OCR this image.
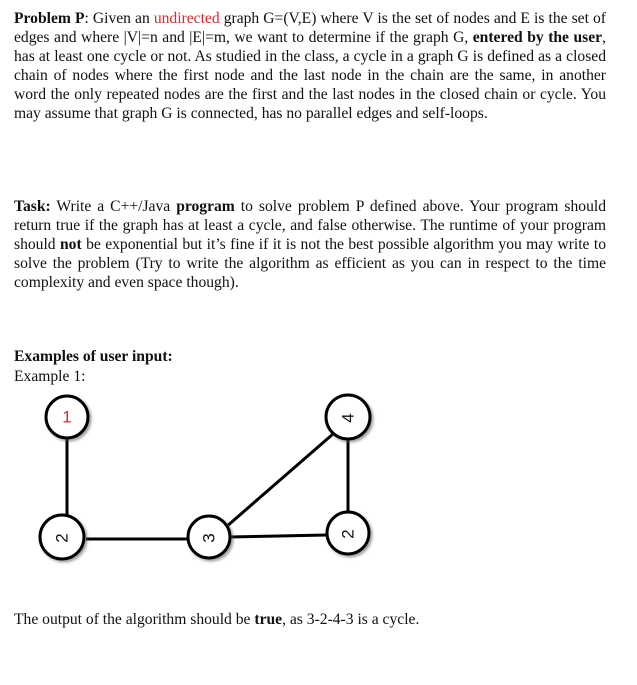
Problem P: Given an undirected graph G=(V,E) where V is the set of nodes and E is the set of edges and where |V|=n and |E|=m, we want to determine if the graph G, entered by the user, has at least one cycle or not. As studied in the class, a cycle in a graph G is defined as a closed chain of nodes where the first node and the last node in the chain are the same, in another word the only repeated nodes are the first and the last nodes in the closed chain or cycle. You may assume that graph G is connected, has no parallel edges and self-loops.

Task: Write a C++/Java program to solve problem P defined above. Your program should return true if the graph has at least a cycle, and false otherwise. The runtime of your program should not be exponential but it’s fine if it is not the best possible algorithm you may write to solve the problem (Try to write the algorithm as efficient as you can in respect to the time complexity and even space though).

Examples of user input:
Example 1:
1
2	3
4
2
The output of the algorithm should be true, as 3-2-4-3 is a cycle.
